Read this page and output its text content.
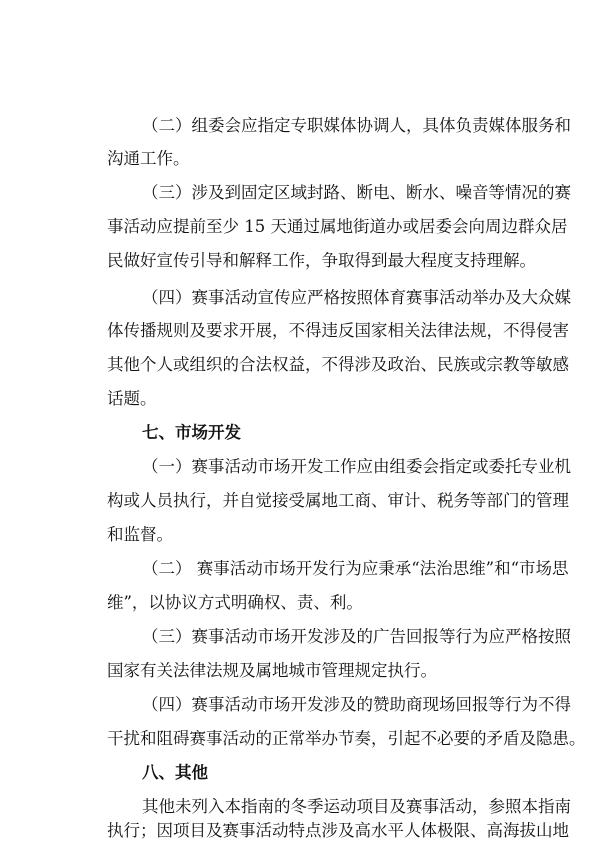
（二）组委会应指定专职媒体协调人，具体负责媒体服务和
沟通工作。
（三）涉及到固定区域封路、断电、断水、噪音等情况的赛
事活动应提前至少 15 天通过属地街道办或居委会向周边群众居
民做好宣传引导和解释工作，争取得到最大程度支持理解。
（四）赛事活动宣传应严格按照体育赛事活动举办及大众媒
体传播规则及要求开展，不得违反国家相关法律法规，不得侵害
其他个人或组织的合法权益，不得涉及政治、民族或宗教等敏感
话题。
七、市场开发
（一）赛事活动市场开发工作应由组委会指定或委托专业机
构或人员执行，并自觉接受属地工商、审计、税务等部门的管理
和监督。
（二） 赛事活动市场开发行为应秉承“法治思维”和“市场思
维”，以协议方式明确权、责、利。
（三）赛事活动市场开发涉及的广告回报等行为应严格按照
国家有关法律法规及属地城市管理规定执行。
（四）赛事活动市场开发涉及的赞助商现场回报等行为不得
干扰和阻碍赛事活动的正常举办节奏，引起不必要的矛盾及隐患。
八、其他
其他未列入本指南的冬季运动项目及赛事活动，参照本指南
执行；因项目及赛事活动特点涉及高水平人体极限、高海拔山地
